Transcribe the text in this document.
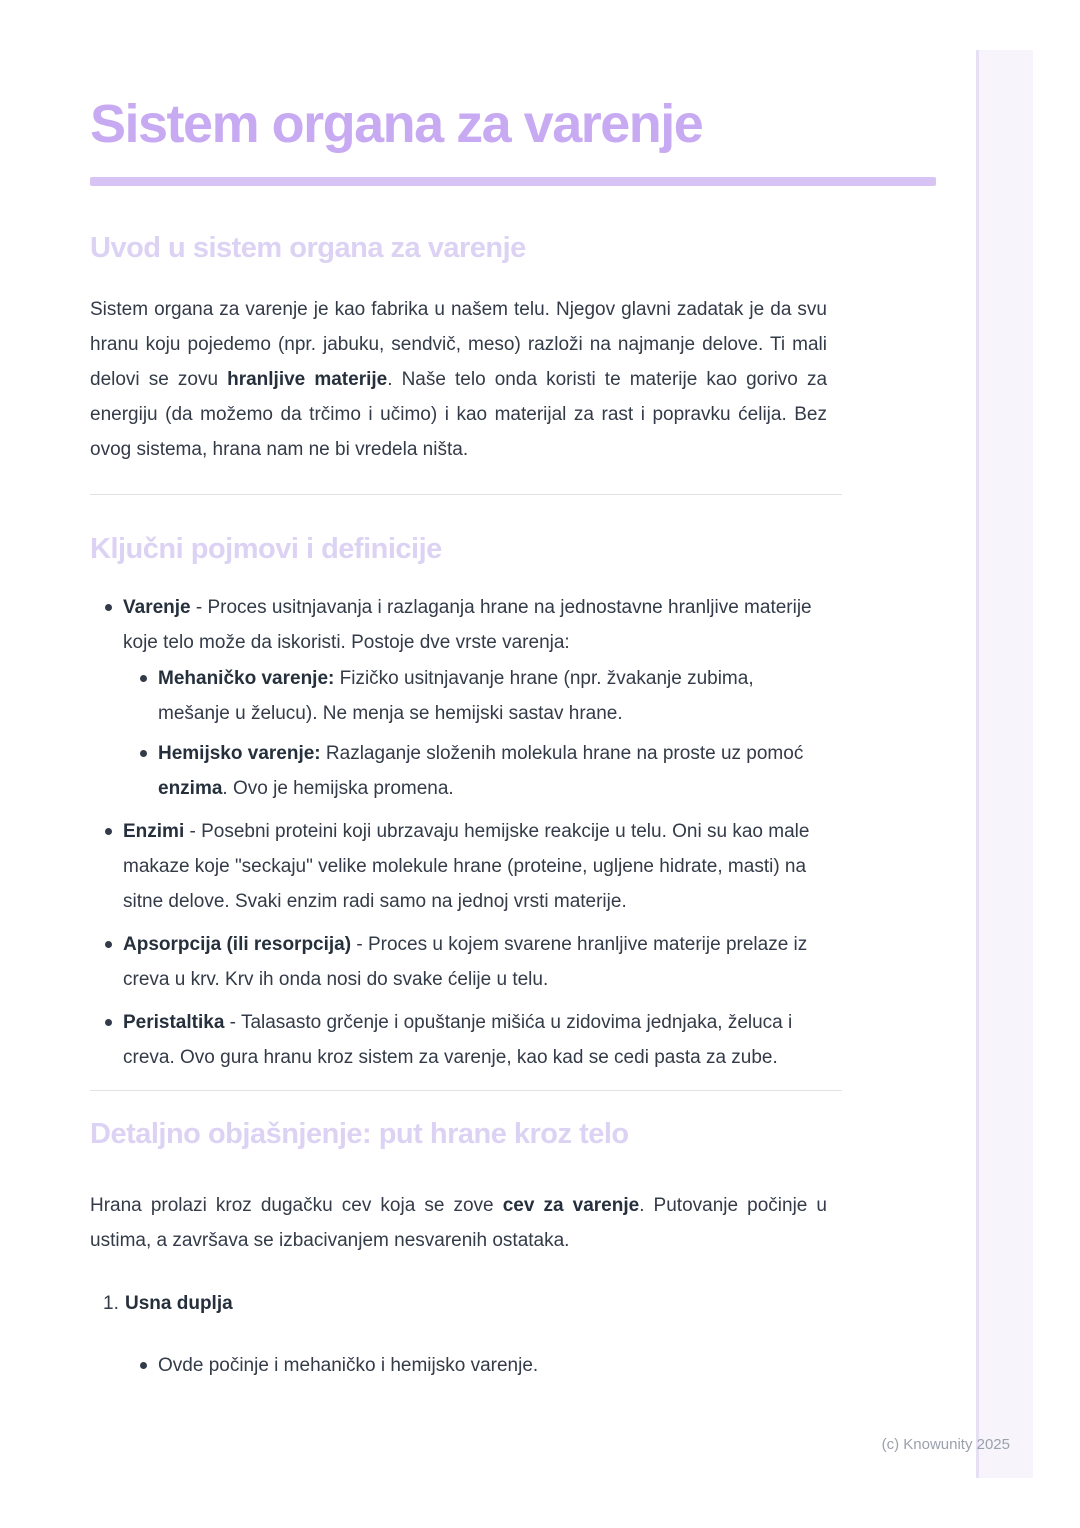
Sistem organa za varenje
Uvod u sistem organa za varenje

Sistem organa za varenje je kao fabrika u našem telu. Njegov glavni zadatak je da svu hranu koju pojedemo (npr. jabuku, sendvič, meso) razloži na najmanje delove. Ti mali delovi se zovu hranljive materije. Naše telo onda koristi te materije kao gorivo za energiju (da možemo da trčimo i učimo) i kao materijal za rast i popravku ćelija. Bez ovog sistema, hrana nam ne bi vredela ništa.

Ključni pojmovi i definicije
Varenje - Proces usitnjavanja i razlaganja hrane na jednostavne hranljive materije koje telo može da iskoristi. Postoje dve vrste varenja:
Mehaničko varenje: Fizičko usitnjavanje hrane (npr. žvakanje zubima, mešanje u želucu). Ne menja se hemijski sastav hrane.
Hemijsko varenje: Razlaganje složenih molekula hrane na proste uz pomoć enzima. Ovo je hemijska promena.
Enzimi - Posebni proteini koji ubrzavaju hemijske reakcije u telu. Oni su kao male makaze koje "seckaju" velike molekule hrane (proteine, ugljene hidrate, masti) na sitne delove. Svaki enzim radi samo na jednoj vrsti materije.
Apsorpcija (ili resorpcija) - Proces u kojem svarene hranljive materije prelaze iz creva u krv. Krv ih onda nosi do svake ćelije u telu.
Peristaltika - Talasasto grčenje i opuštanje mišića u zidovima jednjaka, želuca i creva. Ovo gura hranu kroz sistem za varenje, kao kad se cedi pasta za zube.
Detaljno objašnjenje: put hrane kroz telo

Hrana prolazi kroz dugačku cev koja se zove cev za varenje. Putovanje počinje u ustima, a završava se izbacivanjem nesvarenih ostataka.

1. Usna duplja
Ovde počinje i mehaničko i hemijsko varenje.
(c) Knowunity 2025
